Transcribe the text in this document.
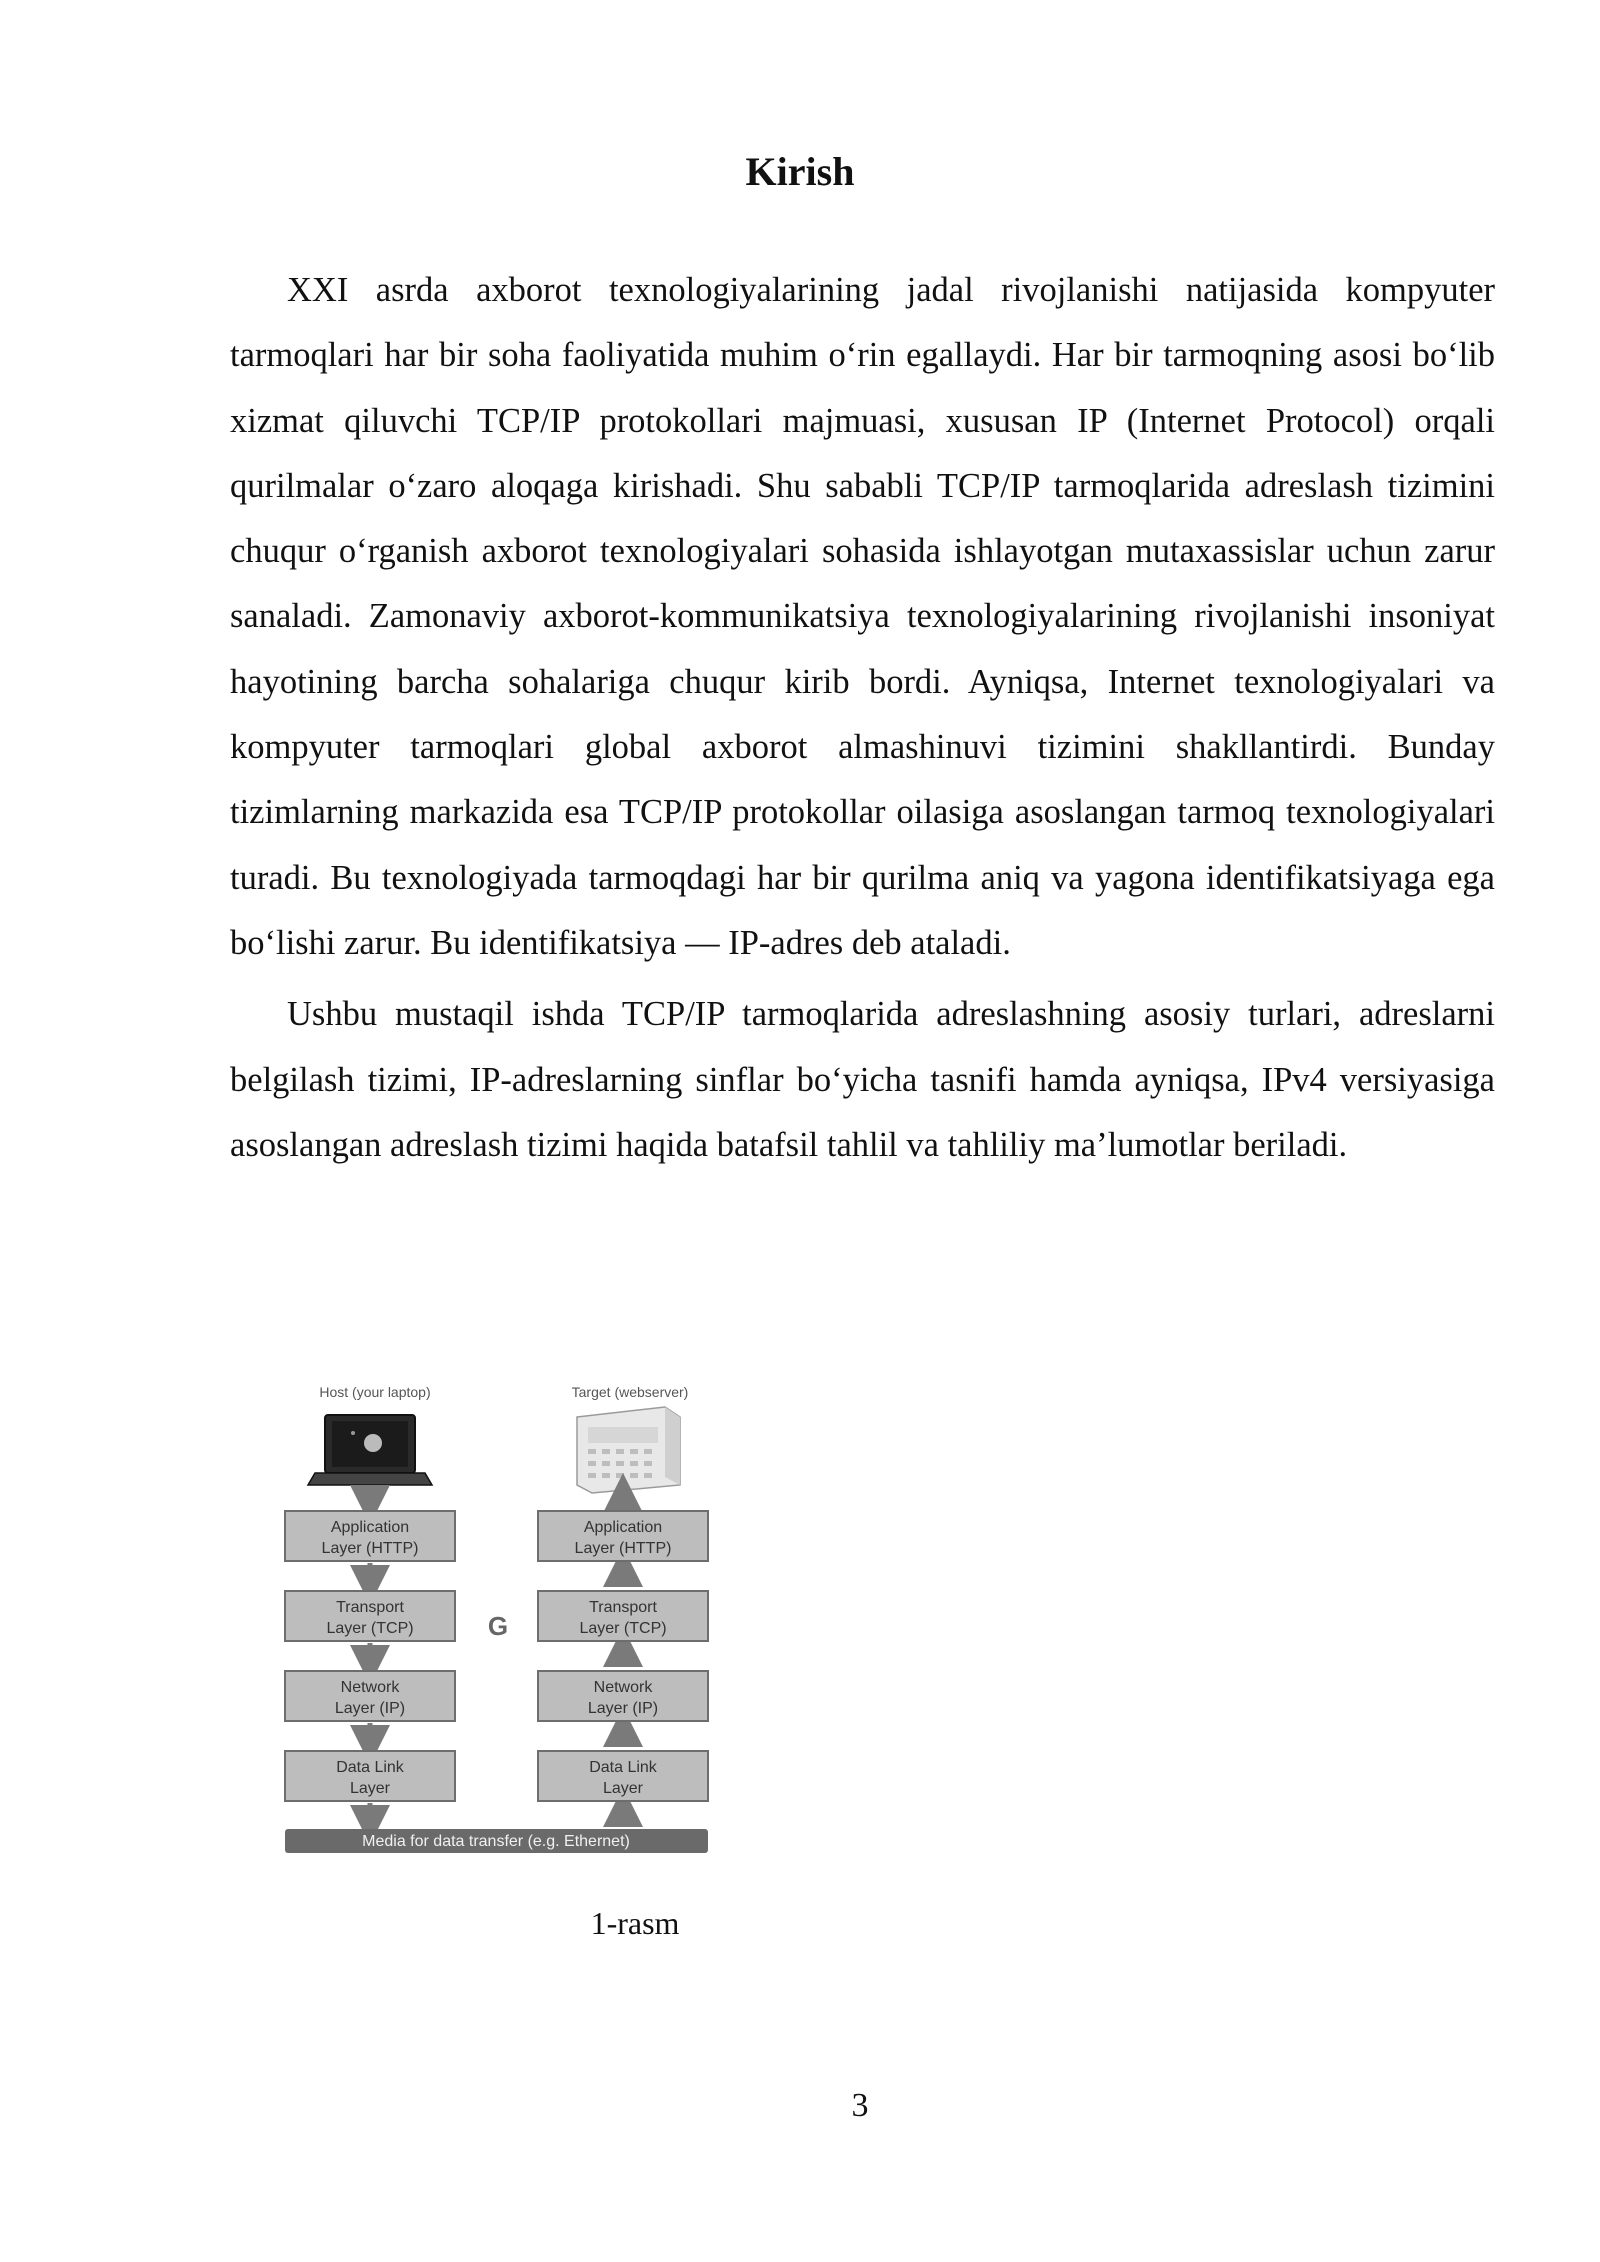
Kirish

XXI asrda axborot texnologiyalarining jadal rivojlanishi natijasida kompyuter tarmoqlari har bir soha faoliyatida muhim o‘rin egallaydi. Har bir tarmoqning asosi bo‘lib xizmat qiluvchi TCP/IP protokollari majmuasi, xususan IP (Internet Protocol) orqali qurilmalar o‘zaro aloqaga kirishadi. Shu sababli TCP/IP tarmoqlarida adreslash tizimini chuqur o‘rganish axborot texnologiyalari sohasida ishlayotgan mutaxassislar uchun zarur sanaladi. Zamonaviy axborot-kommunikatsiya texnologiyalarining rivojlanishi insoniyat hayotining barcha sohalariga chuqur kirib bordi. Ayniqsa, Internet texnologiyalari va kompyuter tarmoqlari global axborot almashinuvi tizimini shakllantirdi. Bunday tizimlarning markazida esa TCP/IP protokollar oilasiga asoslangan tarmoq texnologiyalari turadi. Bu texnologiyada tarmoqdagi har bir qurilma aniq va yagona identifikatsiyaga ega bo‘lishi zarur. Bu identifikatsiya — IP-adres deb ataladi.

Ushbu mustaqil ishda TCP/IP tarmoqlarida adreslashning asosiy turlari, adreslarni belgilash tizimi, IP-adreslarning sinflar bo‘yicha tasnifi hamda ayniqsa, IPv4 versiyasiga asoslangan adreslash tizimi haqida batafsil tahlil va tahliliy ma’lumotlar beriladi.

Host (your laptop)	Target (webserver)
Application
Layer (HTTP)
Transport
Layer (TCP)
Network
Layer (IP)
Data Link
Layer
Application
Layer (HTTP)
Transport
Layer (TCP)
Network
Layer (IP)
Data Link
Layer
G
Media for data transfer (e.g. Ethernet)

1-rasm

3
